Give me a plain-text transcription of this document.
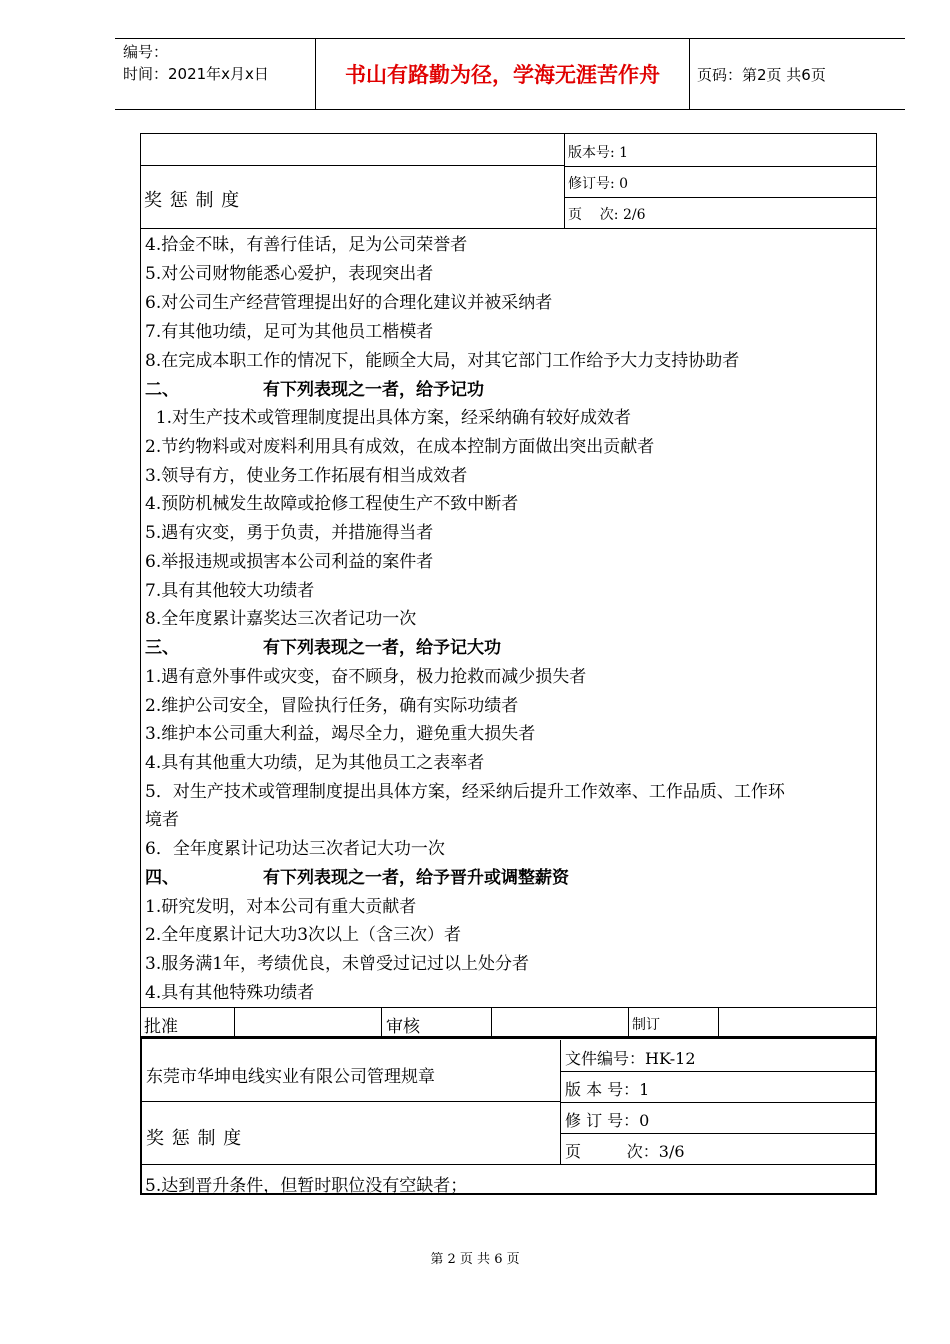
编号：
时间：2021年x月x日	书山有路勤为径，学海无涯苦作舟	页码：第2页 共6页
奖 惩 制 度
版本号: 1
修订号: 0
页    次: 2/6
4.拾金不昧，有善行佳话，足为公司荣誉者
5.对公司财物能悉心爱护，表现突出者
6.对公司生产经营管理提出好的合理化建议并被采纳者
7.有其他功绩，足可为其他员工楷模者
8.在完成本职工作的情况下，能顾全大局，对其它部门工作给予大力支持协助者
二、	有下列表现之一者，给予记功
1.对生产技术或管理制度提出具体方案，经采纳确有较好成效者
2.节约物料或对废料利用具有成效，在成本控制方面做出突出贡献者
3.领导有方，使业务工作拓展有相当成效者
4.预防机械发生故障或抢修工程使生产不致中断者
5.遇有灾变，勇于负责，并措施得当者
6.举报违规或损害本公司利益的案件者
7.具有其他较大功绩者
8.全年度累计嘉奖达三次者记功一次
三、	有下列表现之一者，给予记大功
1.遇有意外事件或灾变，奋不顾身，极力抢救而减少损失者
2.维护公司安全，冒险执行任务，确有实际功绩者
3.维护本公司重大利益，竭尽全力，避免重大损失者
4.具有其他重大功绩，足为其他员工之表率者
5．对生产技术或管理制度提出具体方案，经采纳后提升工作效率、工作品质、工作环
境者
6．全年度累计记功达三次者记大功一次
四、	有下列表现之一者，给予晋升或调整薪资
1.研究发明，对本公司有重大贡献者
2.全年度累计记大功3次以上（含三次）者
3.服务满1年，考绩优良，未曾受过记过以上处分者
4.具有其他特殊功绩者
批准	审核	制订
东莞市华坤电线实业有限公司管理规章
奖 惩 制 度
文件编号：HK-12
版 本 号：1
修 订 号：0
页         次：3/6
5.达到晋升条件，但暂时职位没有空缺者；
第 2 页 共 6 页
